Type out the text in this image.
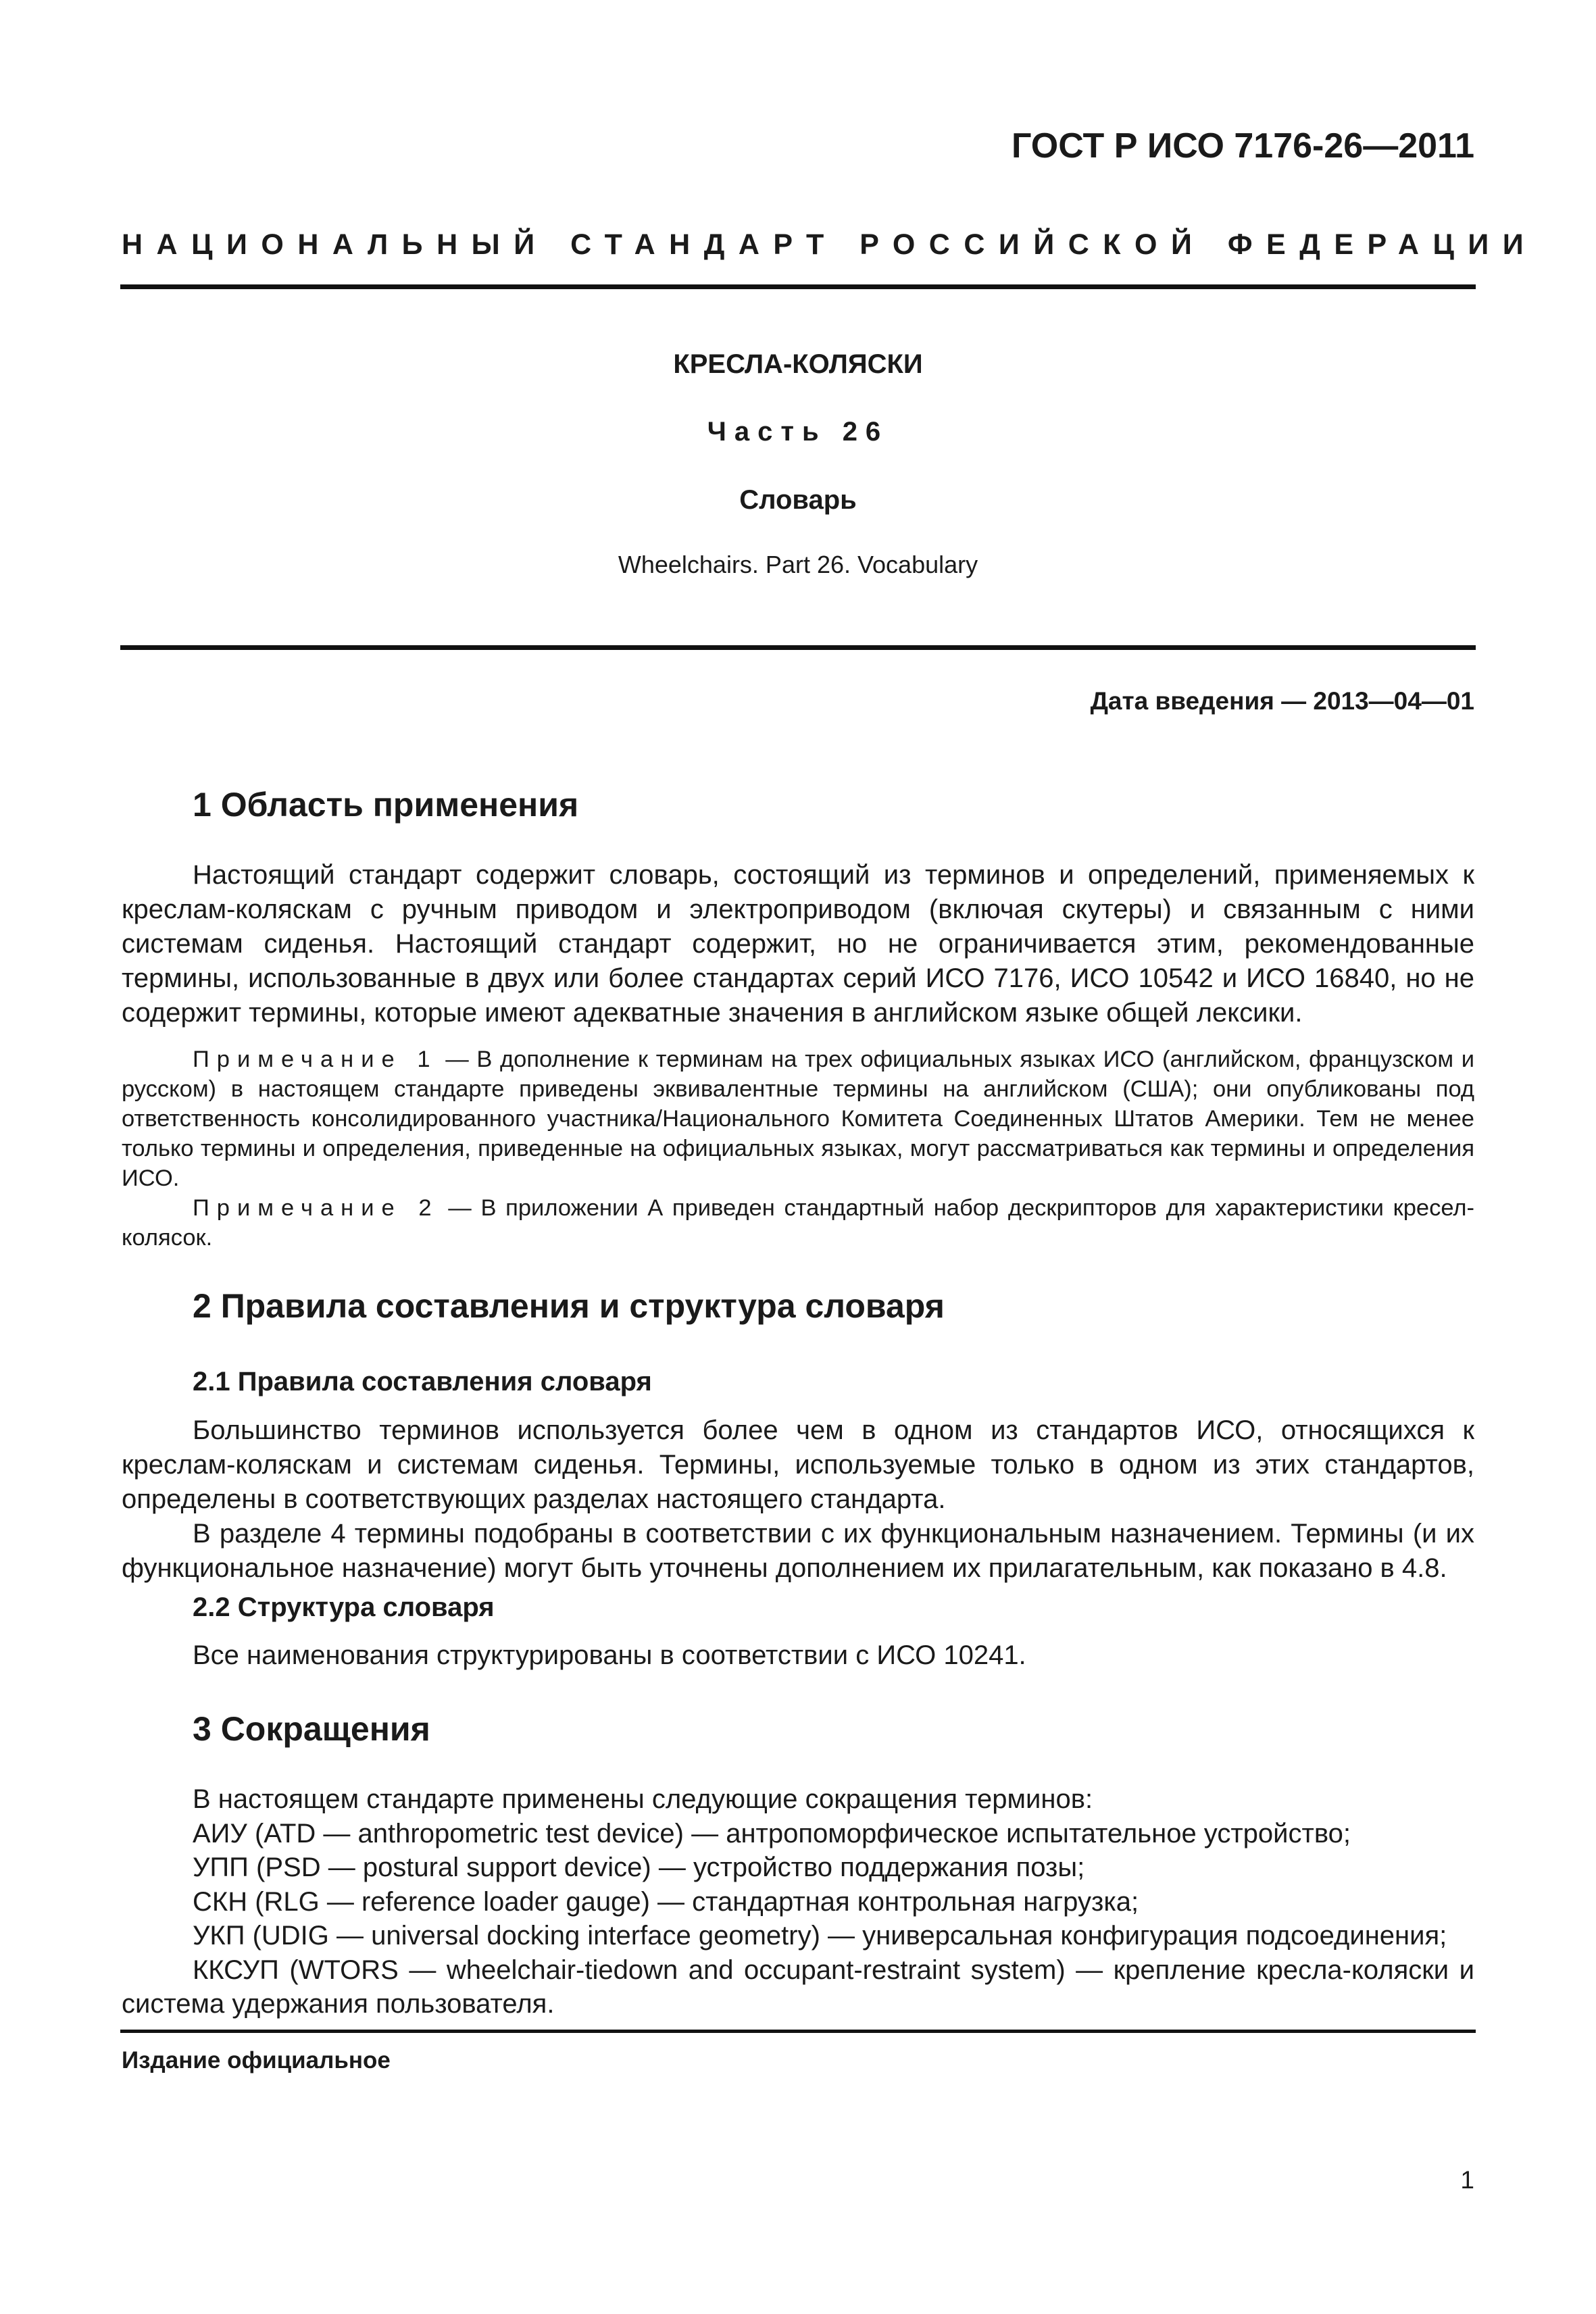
ГОСТ Р ИСО 7176-26—2011
НАЦИОНАЛЬНЫЙ СТАНДАРТ РОССИЙСКОЙ ФЕДЕРАЦИИ
КРЕСЛА-КОЛЯСКИ
Часть 26
Словарь
Wheelchairs. Part 26. Vocabulary
Дата введения — 2013—04—01
1 Область применения

Настоящий стандарт содержит словарь, состоящий из терминов и определений, применяемых к креслам-коляскам с ручным приводом и электроприводом (включая скутеры) и связанным с ними системам сиденья. Настоящий стандарт содержит, но не ограничивается этим, рекомендованные термины, использованные в двух или более стандартах серий ИСО 7176, ИСО 10542 и ИСО 16840, но не содержит термины, которые имеют адекватные значения в английском языке общей лексики.

Примечание 1 — В дополнение к терминам на трех официальных языках ИСО (английском, французском и русском) в настоящем стандарте приведены эквивалентные термины на английском (США); они опубликованы под ответственность консолидированного участника/Национального Комитета Соединенных Штатов Америки. Тем не менее только термины и определения, приведенные на официальных языках, могут рассматриваться как термины и определения ИСО.

Примечание 2 — В приложении А приведен стандартный набор дескрипторов для характеристики кресел-колясок.

2 Правила составления и структура словаря
2.1 Правила составления словаря

Большинство терминов используется более чем в одном из стандартов ИСО, относящихся к креслам-коляскам и системам сиденья. Термины, используемые только в одном из этих стандартов, определены в соответствующих разделах настоящего стандарта.

В разделе 4 термины подобраны в соответствии с их функциональным назначением. Термины (и их функциональное назначение) могут быть уточнены дополнением их прилагательным, как показано в 4.8.

2.2 Структура словаря

Все наименования структурированы в соответствии с ИСО 10241.

3 Сокращения

В настоящем стандарте применены следующие сокращения терминов:

АИУ (ATD — anthropometric test device) — антропоморфическое испытательное устройство;

УПП (PSD — postural support device) — устройство поддержания позы;

СКН (RLG — reference loader gauge) — стандартная контрольная нагрузка;

УКП (UDIG — universal docking interface geometry) — универсальная конфигурация подсоединения;

ККСУП (WTORS — wheelchair-tiedown and occupant-restraint system) — крепление кресла-коляски и система удержания пользователя.

Издание официальное
1
